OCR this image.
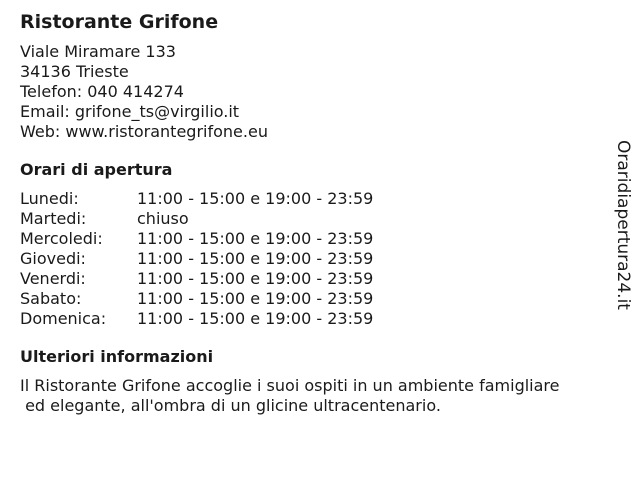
Ristorante Grifone

Viale Miramare 133

34136 Trieste

Telefon: 040 414274

Email: grifone_ts@virgilio.it

Web: www.ristorantegrifone.eu

Orari di apertura
Lunedi:	11:00 - 15:00 e 19:00 - 23:59
Martedi:	chiuso
Mercoledi:	11:00 - 15:00 e 19:00 - 23:59
Giovedi:	11:00 - 15:00 e 19:00 - 23:59
Venerdi:	11:00 - 15:00 e 19:00 - 23:59
Sabato:	11:00 - 15:00 e 19:00 - 23:59
Domenica:	11:00 - 15:00 e 19:00 - 23:59
Ulteriori informazioni

Il Ristorante Grifone accoglie i suoi ospiti in un ambiente famigliare

ed elegante, all'ombra di un glicine ultracentenario.

Oraridiapertura24.it
